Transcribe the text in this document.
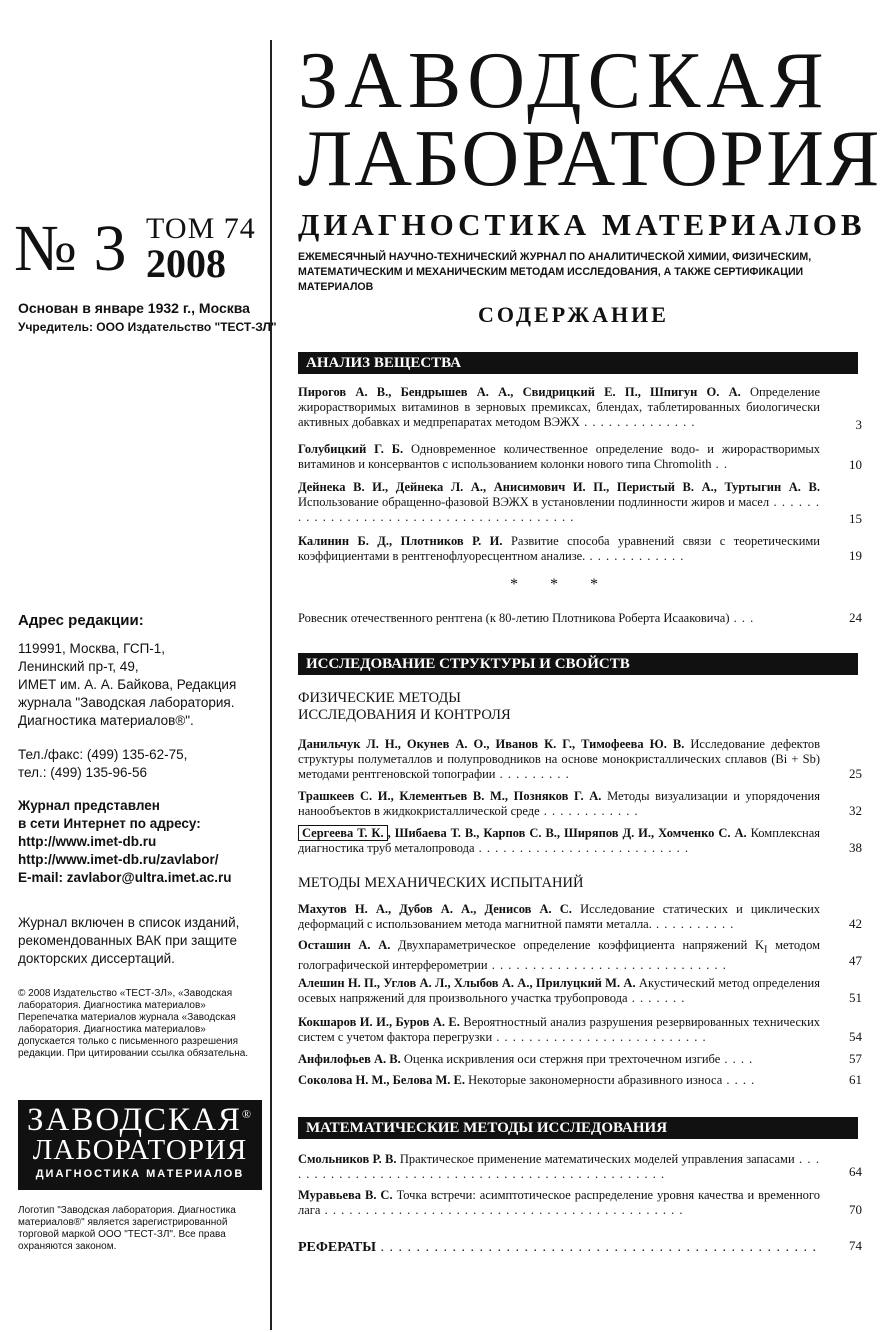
ЗАВОДСКАЯ
ЛАБОРАТОРИЯ
ДИАГНОСТИКА МАТЕРИАЛОВ
ЕЖЕМЕСЯЧНЫЙ НАУЧНО-ТЕХНИЧЕСКИЙ ЖУРНАЛ ПО АНАЛИТИЧЕСКОЙ ХИМИИ, ФИЗИЧЕСКИМ, МАТЕМАТИЧЕСКИМ И МЕХАНИЧЕСКИМ МЕТОДАМ ИССЛЕДОВАНИЯ, А ТАКЖЕ СЕРТИФИКАЦИИ МАТЕРИАЛОВ
№ 3 ТОМ 74
2008
Основан в январе 1932 г., Москва
Учредитель: ООО Издательство "ТЕСТ-ЗЛ"	СОДЕРЖАНИЕ
АНАЛИЗ ВЕЩЕСТВА
Пирогов А. В., Бендрышев А. А., Свидрицкий Е. П., Шпигун О. А. Определение жирорастворимых витаминов в зерновых премиксах, блендах, таблетированных биологически активных добавках и медпрепаратах методом ВЭЖХ . . . . . . . . . . . . . .	3
Голубицкий Г. Б. Одновременное количественное определение водо- и жирорастворимых витаминов и консервантов с использованием колонки нового типа Chromolith . .	10
Дейнека В. И., Дейнека Л. А., Анисимович И. П., Перистый В. А., Туртыгин А. В. Использование обращенно-фазовой ВЭЖХ в установлении подлинности жиров и масел . . . . . . . . . . . . . . . . . . . . . . . . . . . . . . . . . . . . . . . .	15
Калинин Б. Д., Плотников Р. И. Развитие способа уравнений связи с теоретическими коэффициентами в рентгенофлуоресцентном анализе. . . . . . . . . . . . .	19
* * *
Ровесник отечественного рентгена (к 80-летию Плотникова Роберта Исааковича) . . .	24
ИССЛЕДОВАНИЕ СТРУКТУРЫ И СВОЙСТВ
ФИЗИЧЕСКИЕ МЕТОДЫ
ИССЛЕДОВАНИЯ И КОНТРОЛЯ
Данильчук Л. Н., Окунев А. О., Иванов К. Г., Тимофеева Ю. В. Исследование дефектов структуры полуметаллов и полупроводников на основе монокристаллических сплавов (Bi + Sb) методами рентгеновской топографии . . . . . . . . .	25
Трашкеев С. И., Клементьев В. М., Позняков Г. А. Методы визуализации и упорядочения нанообъектов в жидкокристаллической среде . . . . . . . . . . . .	32
Сергеева Т. К. , Шибаева Т. В., Карпов С. В., Ширяпов Д. И., Хомченко С. А. Комплексная диагностика труб металопровода . . . . . . . . . . . . . . . . . . . . . . . . . .	38
МЕТОДЫ МЕХАНИЧЕСКИХ ИСПЫТАНИЙ
Махутов Н. А., Дубов А. А., Денисов А. С. Исследование статических и циклических деформаций с использованием метода магнитной памяти металла. . . . . . . . . . .	42
Осташин А. А. Двухпараметрическое определение коэффициента напряжений $K_I$ методом голографической интерферометрии . . . . . . . . . . . . . . . . . . . . . . . . . . . . .	47
Алешин Н. П., Углов А. Л., Хлыбов А. А., Прилуцкий М. А. Акустический метод определения осевых напряжений для произвольного участка трубопровода . . . . . . .	51
Кокшаров И. И., Буров А. Е. Вероятностный анализ разрушения резервированных технических систем с учетом фактора перегрузки . . . . . . . . . . . . . . . . . . . . . . . . . .	54
Анфилофьев А. В. Оценка искривления оси стержня при трехточечном изгибе . . . .	57
Соколова Н. М., Белова М. Е. Некоторые закономерности абразивного износа . . . .	61
МАТЕМАТИЧЕСКИЕ МЕТОДЫ ИССЛЕДОВАНИЯ
Смольников Р. В. Практическое применение математических моделей управления запасами . . . . . . . . . . . . . . . . . . . . . . . . . . . . . . . . . . . . . . . . . . . . . . . .	64
Муравьева В. С. Точка встречи: асимптотическое распределение уровня качества и временного лага . . . . . . . . . . . . . . . . . . . . . . . . . . . . . . . . . . . . . . . . . . . .	70
РЕФЕРАТЫ . . . . . . . . . . . . . . . . . . . . . . . . . . . . . . . . . . . . . . . . . . . . . . . . .	74
Адрес редакции:
119991, Москва, ГСП-1,
Ленинский пр-т, 49,
ИМЕТ им. А. А. Байкова, Редакция
журнала "Заводская лаборатория.
Диагностика материалов®".
Тел./факс: (499) 135-62-75,
тел.: (499) 135-96-56
Журнал представлен
в сети Интернет по адресу:
http://www.imet-db.ru
http://www.imet-db.ru/zavlabor/
E-mail: zavlabor@ultra.imet.ac.ru
Журнал включен в список изданий, рекомендованных ВАК при защите докторских диссертаций.
© 2008 Издательство «ТЕСТ-ЗЛ», «Заводская лаборатория. Диагностика материалов» Перепечатка материалов журнала «Заводская лаборатория. Диагностика материалов» допускается только с письменного разрешения редакции. При цитировании ссылка обязательна.
ЗАВОДСКАЯ®
ЛАБОРАТОРИЯ
ДИАГНОСТИКА МАТЕРИАЛОВ
Логотип "Заводская лаборатория. Диагностика материалов®" является зарегистрированной торговой маркой ООО "ТЕСТ-ЗЛ". Все права охраняются законом.
